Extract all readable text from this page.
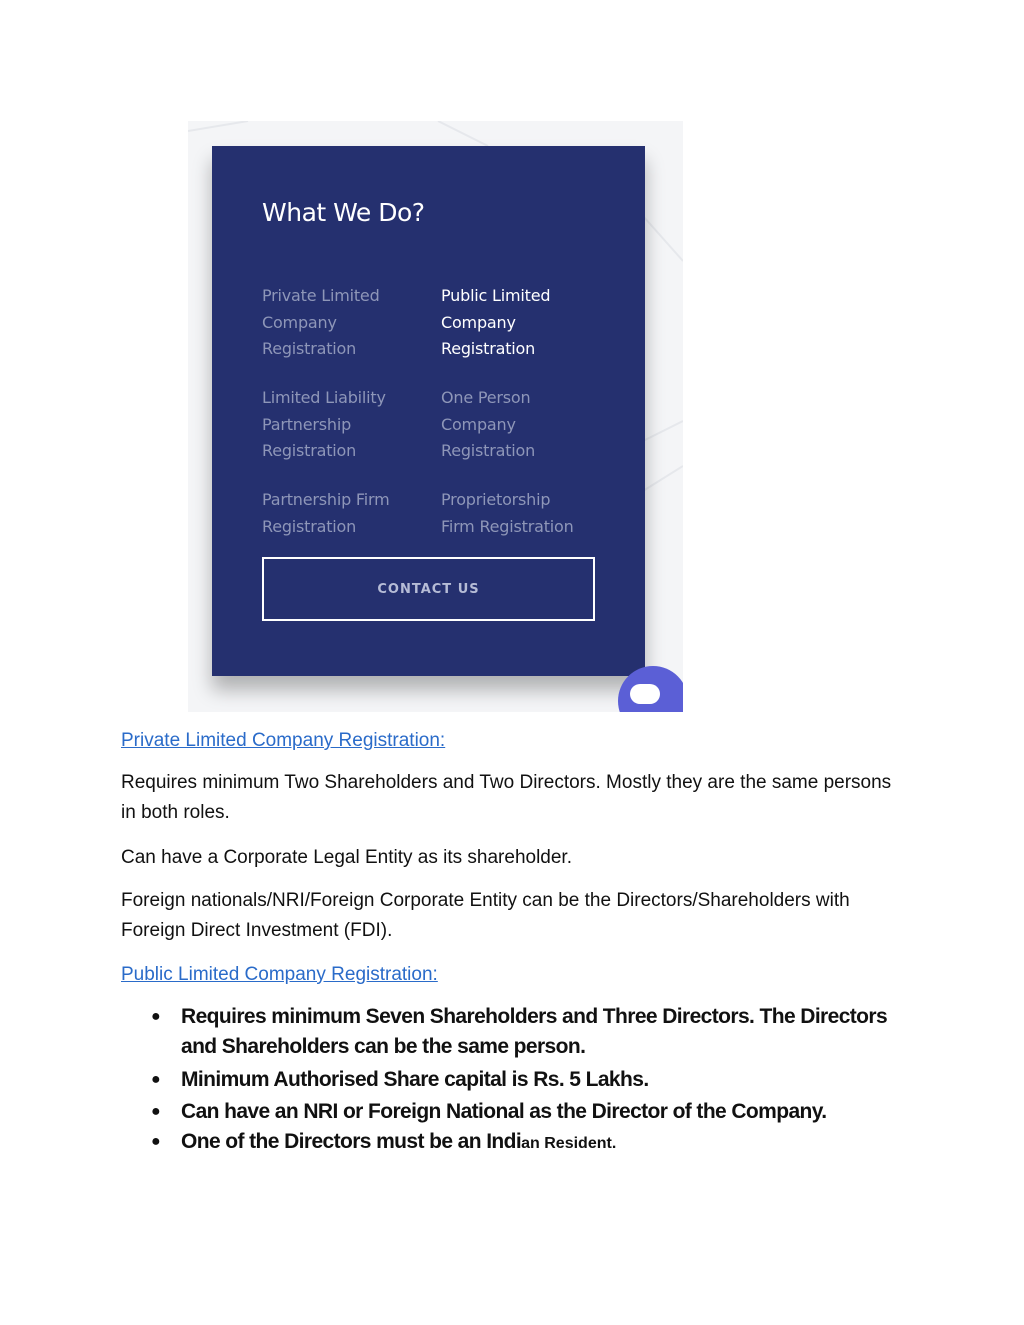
What We Do?
Private Limited
Company
Registration
Public Limited
Company
Registration
Limited Liability
Partnership
Registration
One Person
Company
Registration
Partnership Firm
Registration
Proprietorship
Firm Registration
CONTACT US
Private Limited Company Registration:

Requires minimum Two Shareholders and Two Directors. Mostly they are the same persons in both roles.

Can have a Corporate Legal Entity as its shareholder.

Foreign nationals/NRI/Foreign Corporate Entity can be the Directors/Shareholders with Foreign Direct Investment (FDI).

Public Limited Company Registration:
● Requires minimum Seven Shareholders and Three Directors. The Directors and Shareholders can be the same person.
● Minimum Authorised Share capital is Rs. 5 Lakhs.
● Can have an NRI or Foreign National as the Director of the Company.
● One of the Directors must be an Indian Resident.
